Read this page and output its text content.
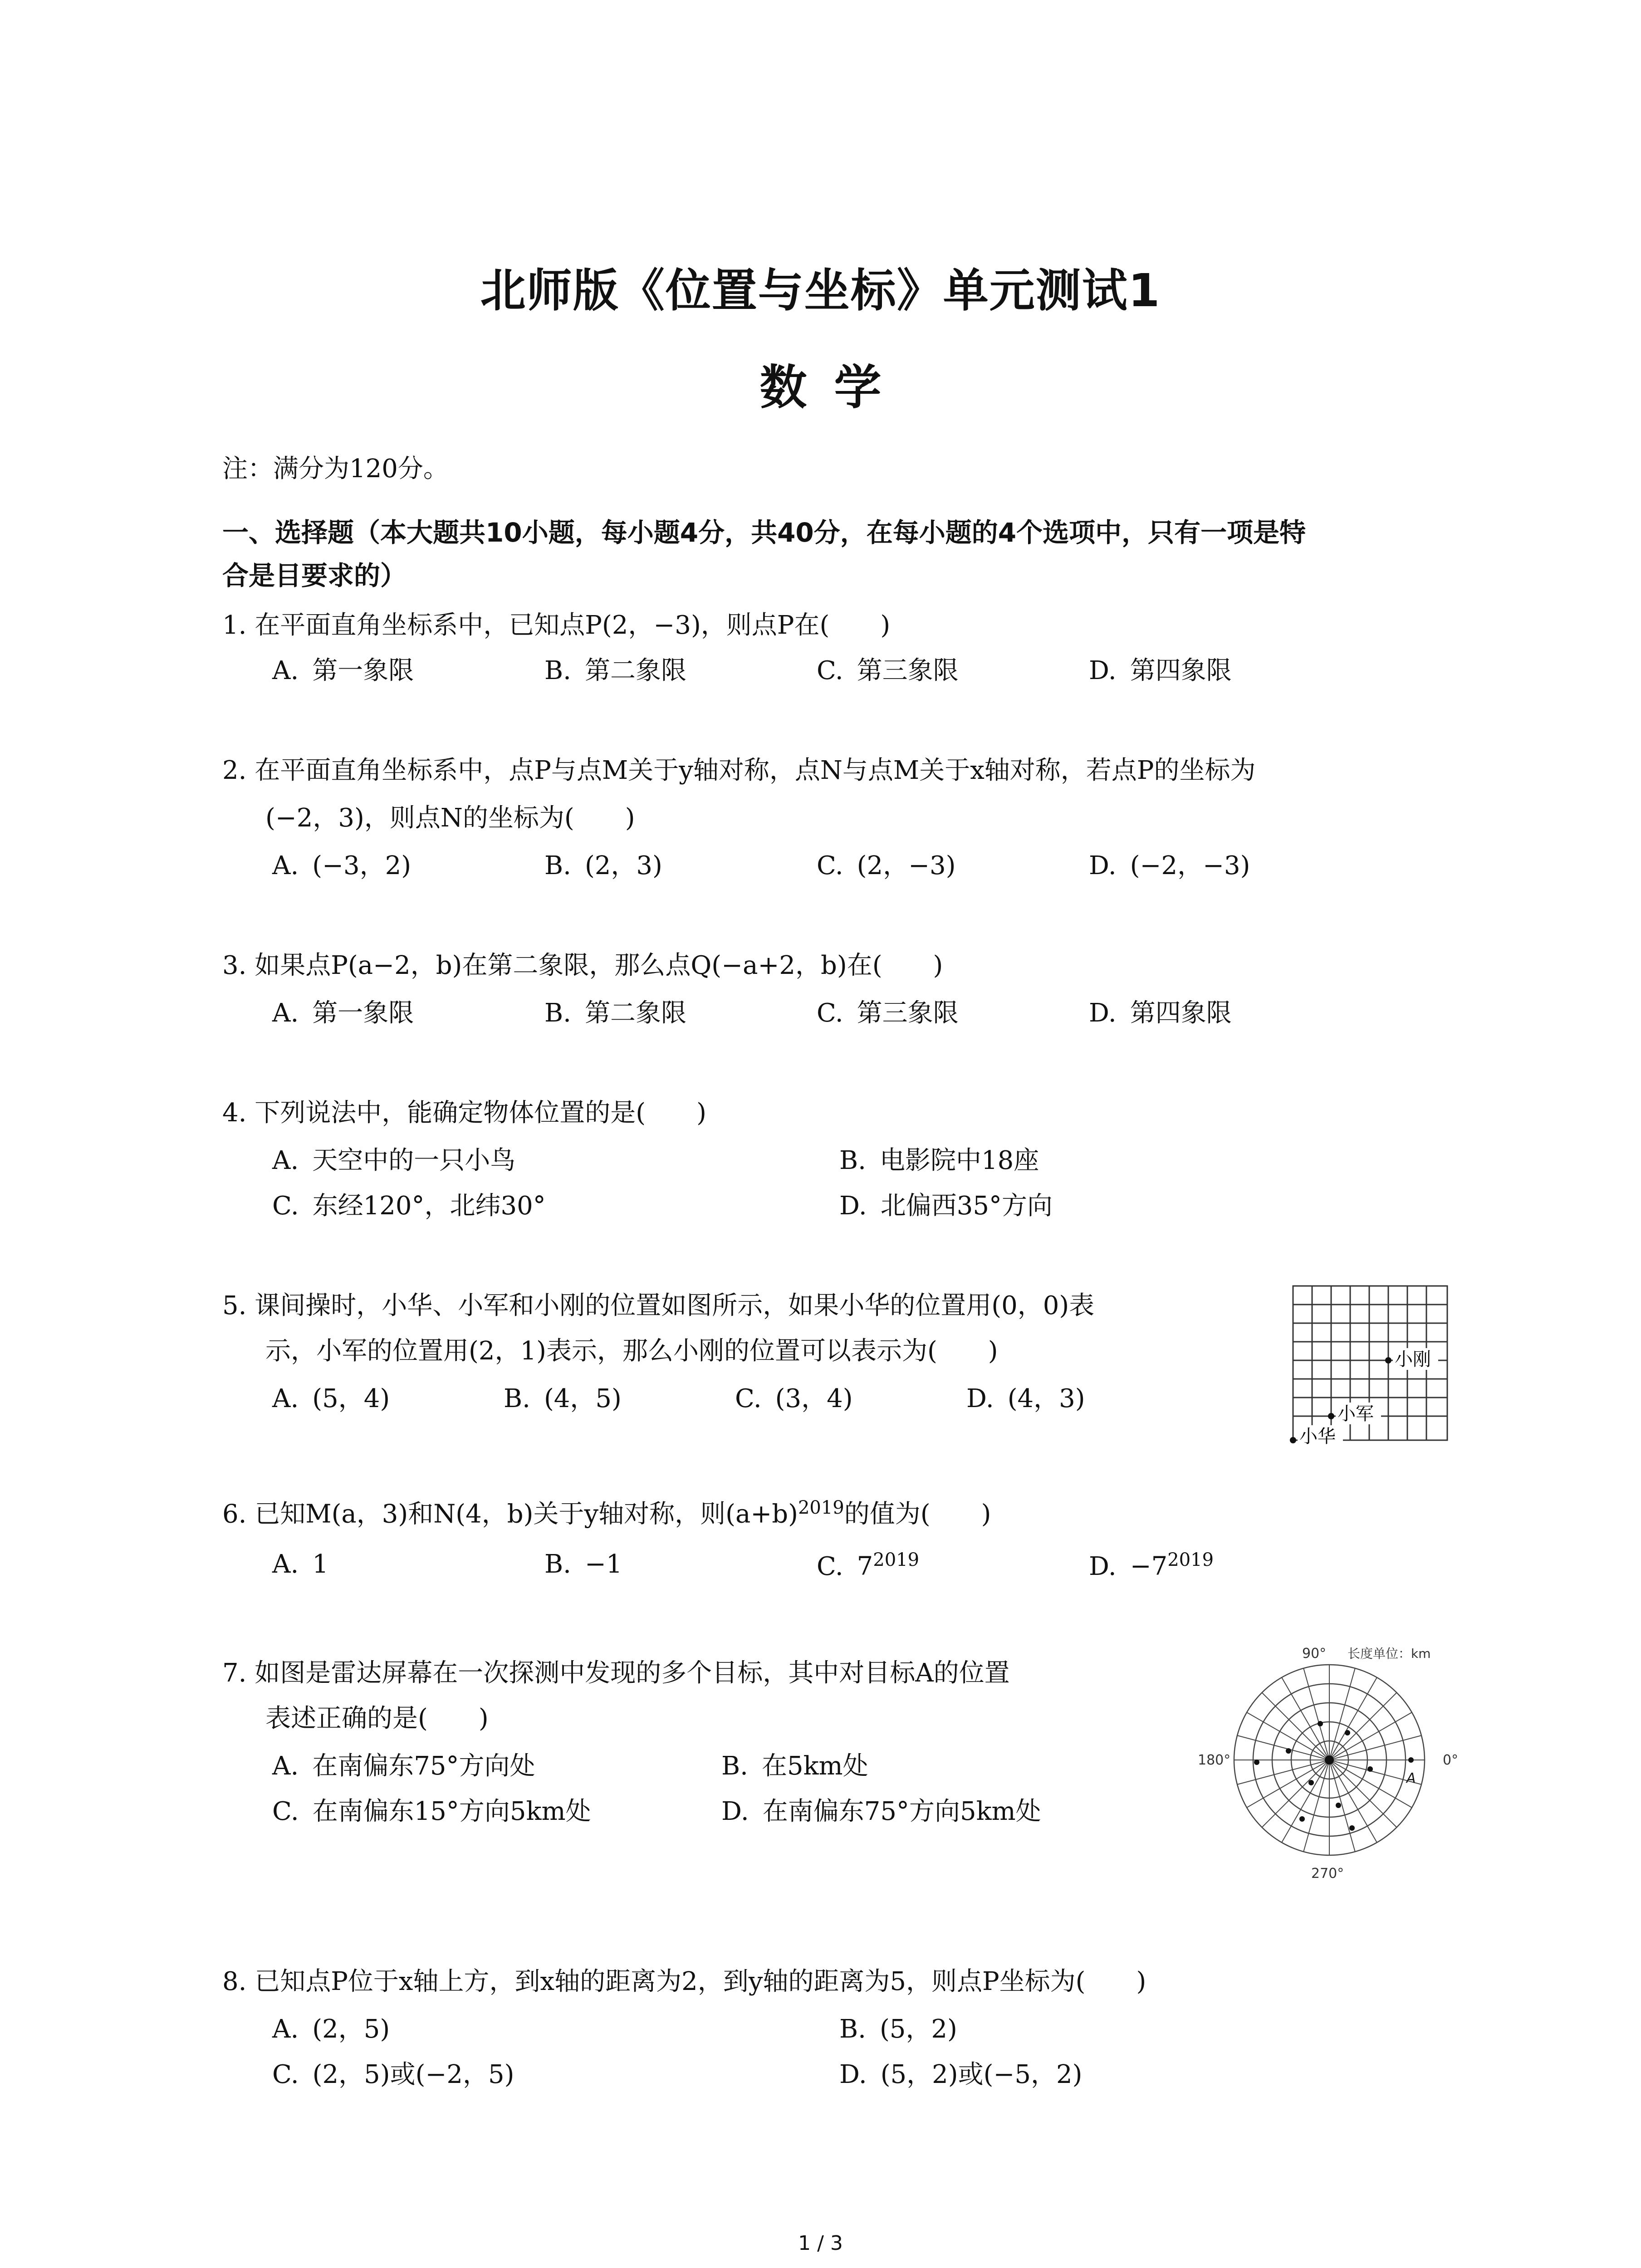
北师版《位置与坐标》单元测试1
数学
注：满分为120分。
一、选择题（本大题共10小题，每小题4分，共40分，在每小题的4个选项中，只有一项是特
合是目要求的）
1. 在平面直角坐标系中，已知点P(2，−3)，则点P在(　　)
A. 第一象限	B. 第二象限	C. 第三象限	D. 第四象限
2. 在平面直角坐标系中，点P与点M关于y轴对称，点N与点M关于x轴对称，若点P的坐标为
(−2，3)，则点N的坐标为(　　)
A. (−3，2)	B. (2，3)	C. (2，−3)	D. (−2，−3)
3. 如果点P(a−2，b)在第二象限，那么点Q(−a+2，b)在(　　)
A. 第一象限	B. 第二象限	C. 第三象限	D. 第四象限
4. 下列说法中，能确定物体位置的是(　　)
A. 天空中的一只小鸟	B. 电影院中18座
C. 东经120°，北纬30°	D. 北偏西35°方向
5. 课间操时，小华、小军和小刚的位置如图所示，如果小华的位置用(0，0)表
示，小军的位置用(2，1)表示，那么小刚的位置可以表示为(　　)
A. (5，4)	B. (4，5)	C. (3，4)	D. (4，3)
小刚
小军
小华
6. 已知M(a，3)和N(4，b)关于y轴对称，则$(a+b)^{2019}$的值为(　　)
A. 1	B. −1	C. $7^{2019}$	D. $-7^{2019}$
7. 如图是雷达屏幕在一次探测中发现的多个目标，其中对目标A的位置
表述正确的是(　　)
A. 在南偏东75°方向处	B. 在5km处
C. 在南偏东15°方向5km处	D. 在南偏东75°方向5km处
90° 长度单位：km
180°	0°
270°
A
8. 已知点P位于x轴上方，到x轴的距离为2，到y轴的距离为5，则点P坐标为(　　)
A. (2，5)	B. (5，2)
C. (2，5)或(−2，5)	D. (5，2)或(−5，2)
1 / 3
